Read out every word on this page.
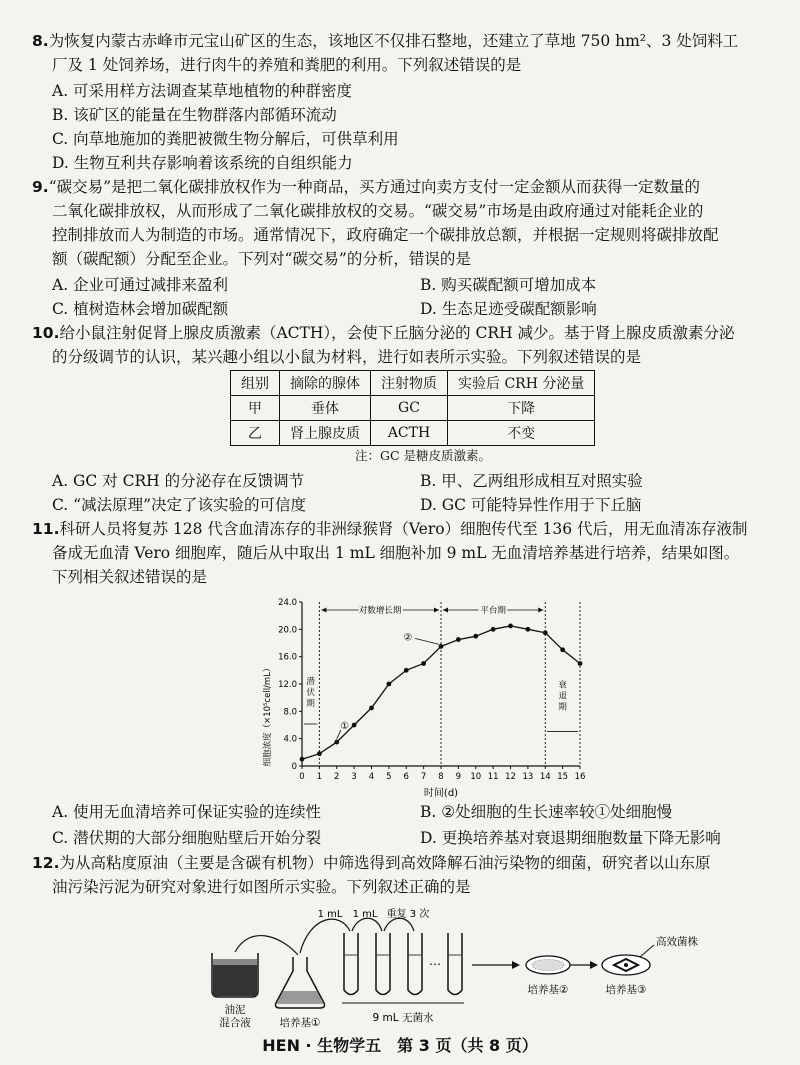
8.为恢复内蒙古赤峰市元宝山矿区的生态，该地区不仅排石整地，还建立了草地 750 hm²、3 处饲料工
厂及 1 处饲养场，进行肉牛的养殖和粪肥的利用。下列叙述错误的是
A. 可采用样方法调查某草地植物的种群密度
B. 该矿区的能量在生物群落内部循环流动
C. 向草地施加的粪肥被微生物分解后，可供草利用
D. 生物互利共存影响着该系统的自组织能力
9.“碳交易”是把二氧化碳排放权作为一种商品，买方通过向卖方支付一定金额从而获得一定数量的
二氧化碳排放权，从而形成了二氧化碳排放权的交易。“碳交易”市场是由政府通过对能耗企业的
控制排放而人为制造的市场。通常情况下，政府确定一个碳排放总额，并根据一定规则将碳排放配
额（碳配额）分配至企业。下列对“碳交易”的分析，错误的是
A. 企业可通过减排来盈利	B. 购买碳配额可增加成本
C. 植树造林会增加碳配额	D. 生态足迹受碳配额影响
10.给小鼠注射促肾上腺皮质激素（ACTH），会使下丘脑分泌的 CRH 减少。基于肾上腺皮质激素分泌
的分级调节的认识，某兴趣小组以小鼠为材料，进行如表所示实验。下列叙述错误的是
组别	摘除的腺体	注射物质	实验后 CRH 分泌量
甲	垂体	GC	下降
乙	肾上腺皮质	ACTH	不变
注：GC 是糖皮质激素。
A. GC 对 CRH 的分泌存在反馈调节	B. 甲、乙两组形成相互对照实验
C. “减法原理”决定了该实验的可信度	D. GC 可能特异性作用于下丘脑
11.科研人员将复苏 128 代含血清冻存的非洲绿猴肾（Vero）细胞传代至 136 代后，用无血清冻存液制
备成无血清 Vero 细胞库，随后从中取出 1 mL 细胞补加 9 mL 无血清培养基进行培养，结果如图。
下列相关叙述错误的是
细胞浓度（×10⁵cell/mL）
时间(d)
0
4.0
8.0
12.0
16.0
20.0
24.0
0 1 2 3 4 5 6 7 8 9 10 11 12 13 14 15 16
潜
伏
期
对数增长期	平台期
衰
退
期
①
②
A. 使用无血清培养可保证实验的连续性	B. ②处细胞的生长速率较①处细胞慢
C. 潜伏期的大部分细胞贴壁后开始分裂	D. 更换培养基对衰退期细胞数量下降无影响
12.为从高粘度原油（主要是含碳有机物）中筛选得到高效降解石油污染物的细菌，研究者以山东原
油污染污泥为研究对象进行如图所示实验。下列叙述正确的是
油泥
混合液	培养基①
1 mL 1 mL 重复 3 次
…
9 mL 无菌水
培养基②
高效菌株
培养基③
HEN · 生物学五　第 3 页（共 8 页）
